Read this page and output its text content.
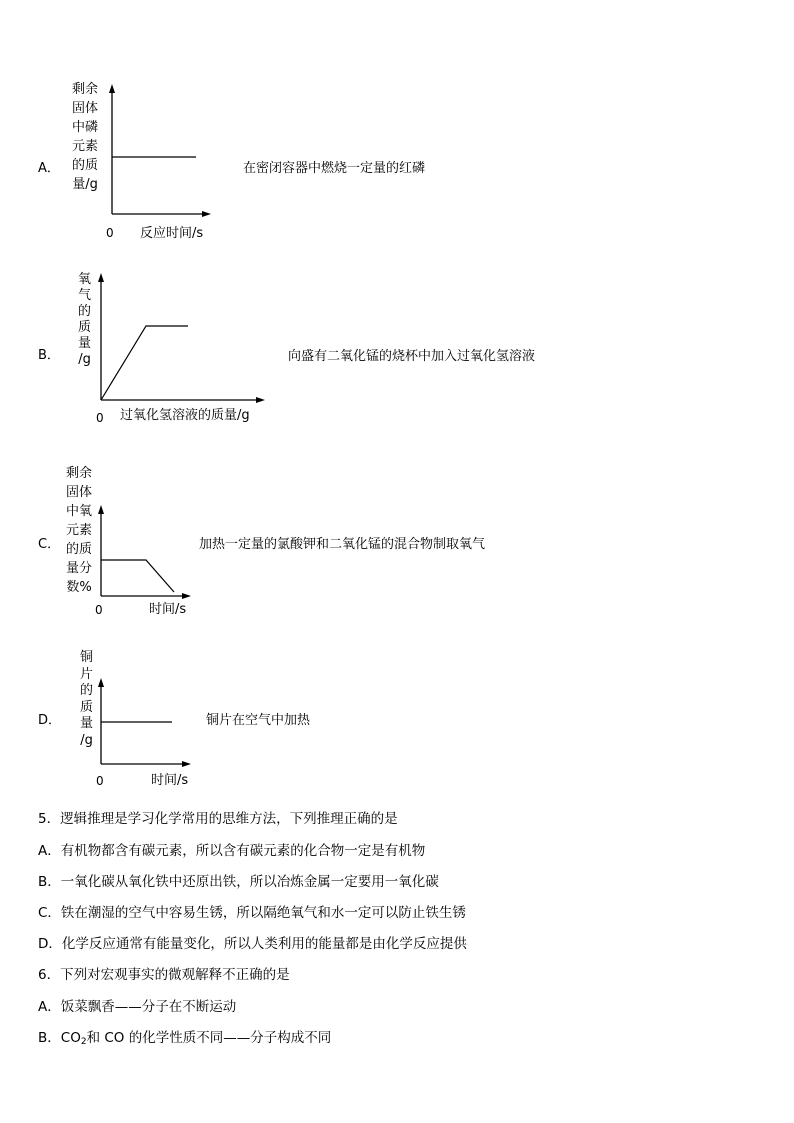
A．
剩余
固体
中磷
元素
的质
量/g
0 反应时间/s
在密闭容器中燃烧一定量的红磷
B．
氧
气
的
质
量
/g
0 过氧化氢溶液的质量/g
向盛有二氧化锰的烧杯中加入过氧化氢溶液
C．
剩余
固体
中氧
元素
的质
量分
数%
0	时间/s
加热一定量的氯酸钾和二氧化锰的混合物制取氧气
D．
铜
片
的
质
量
/g
0	时间/s
铜片在空气中加热
5．逻辑推理是学习化学常用的思维方法，下列推理正确的是
A．有机物都含有碳元素，所以含有碳元素的化合物一定是有机物
B．一氧化碳从氧化铁中还原出铁，所以冶炼金属一定要用一氧化碳
C．铁在潮湿的空气中容易生锈，所以隔绝氧气和水一定可以防止铁生锈
D．化学反应通常有能量变化，所以人类利用的能量都是由化学反应提供
6．下列对宏观事实的微观解释不正确的是
A．饭菜飘香——分子在不断运动
B．$CO_2$和 CO 的化学性质不同——分子构成不同
